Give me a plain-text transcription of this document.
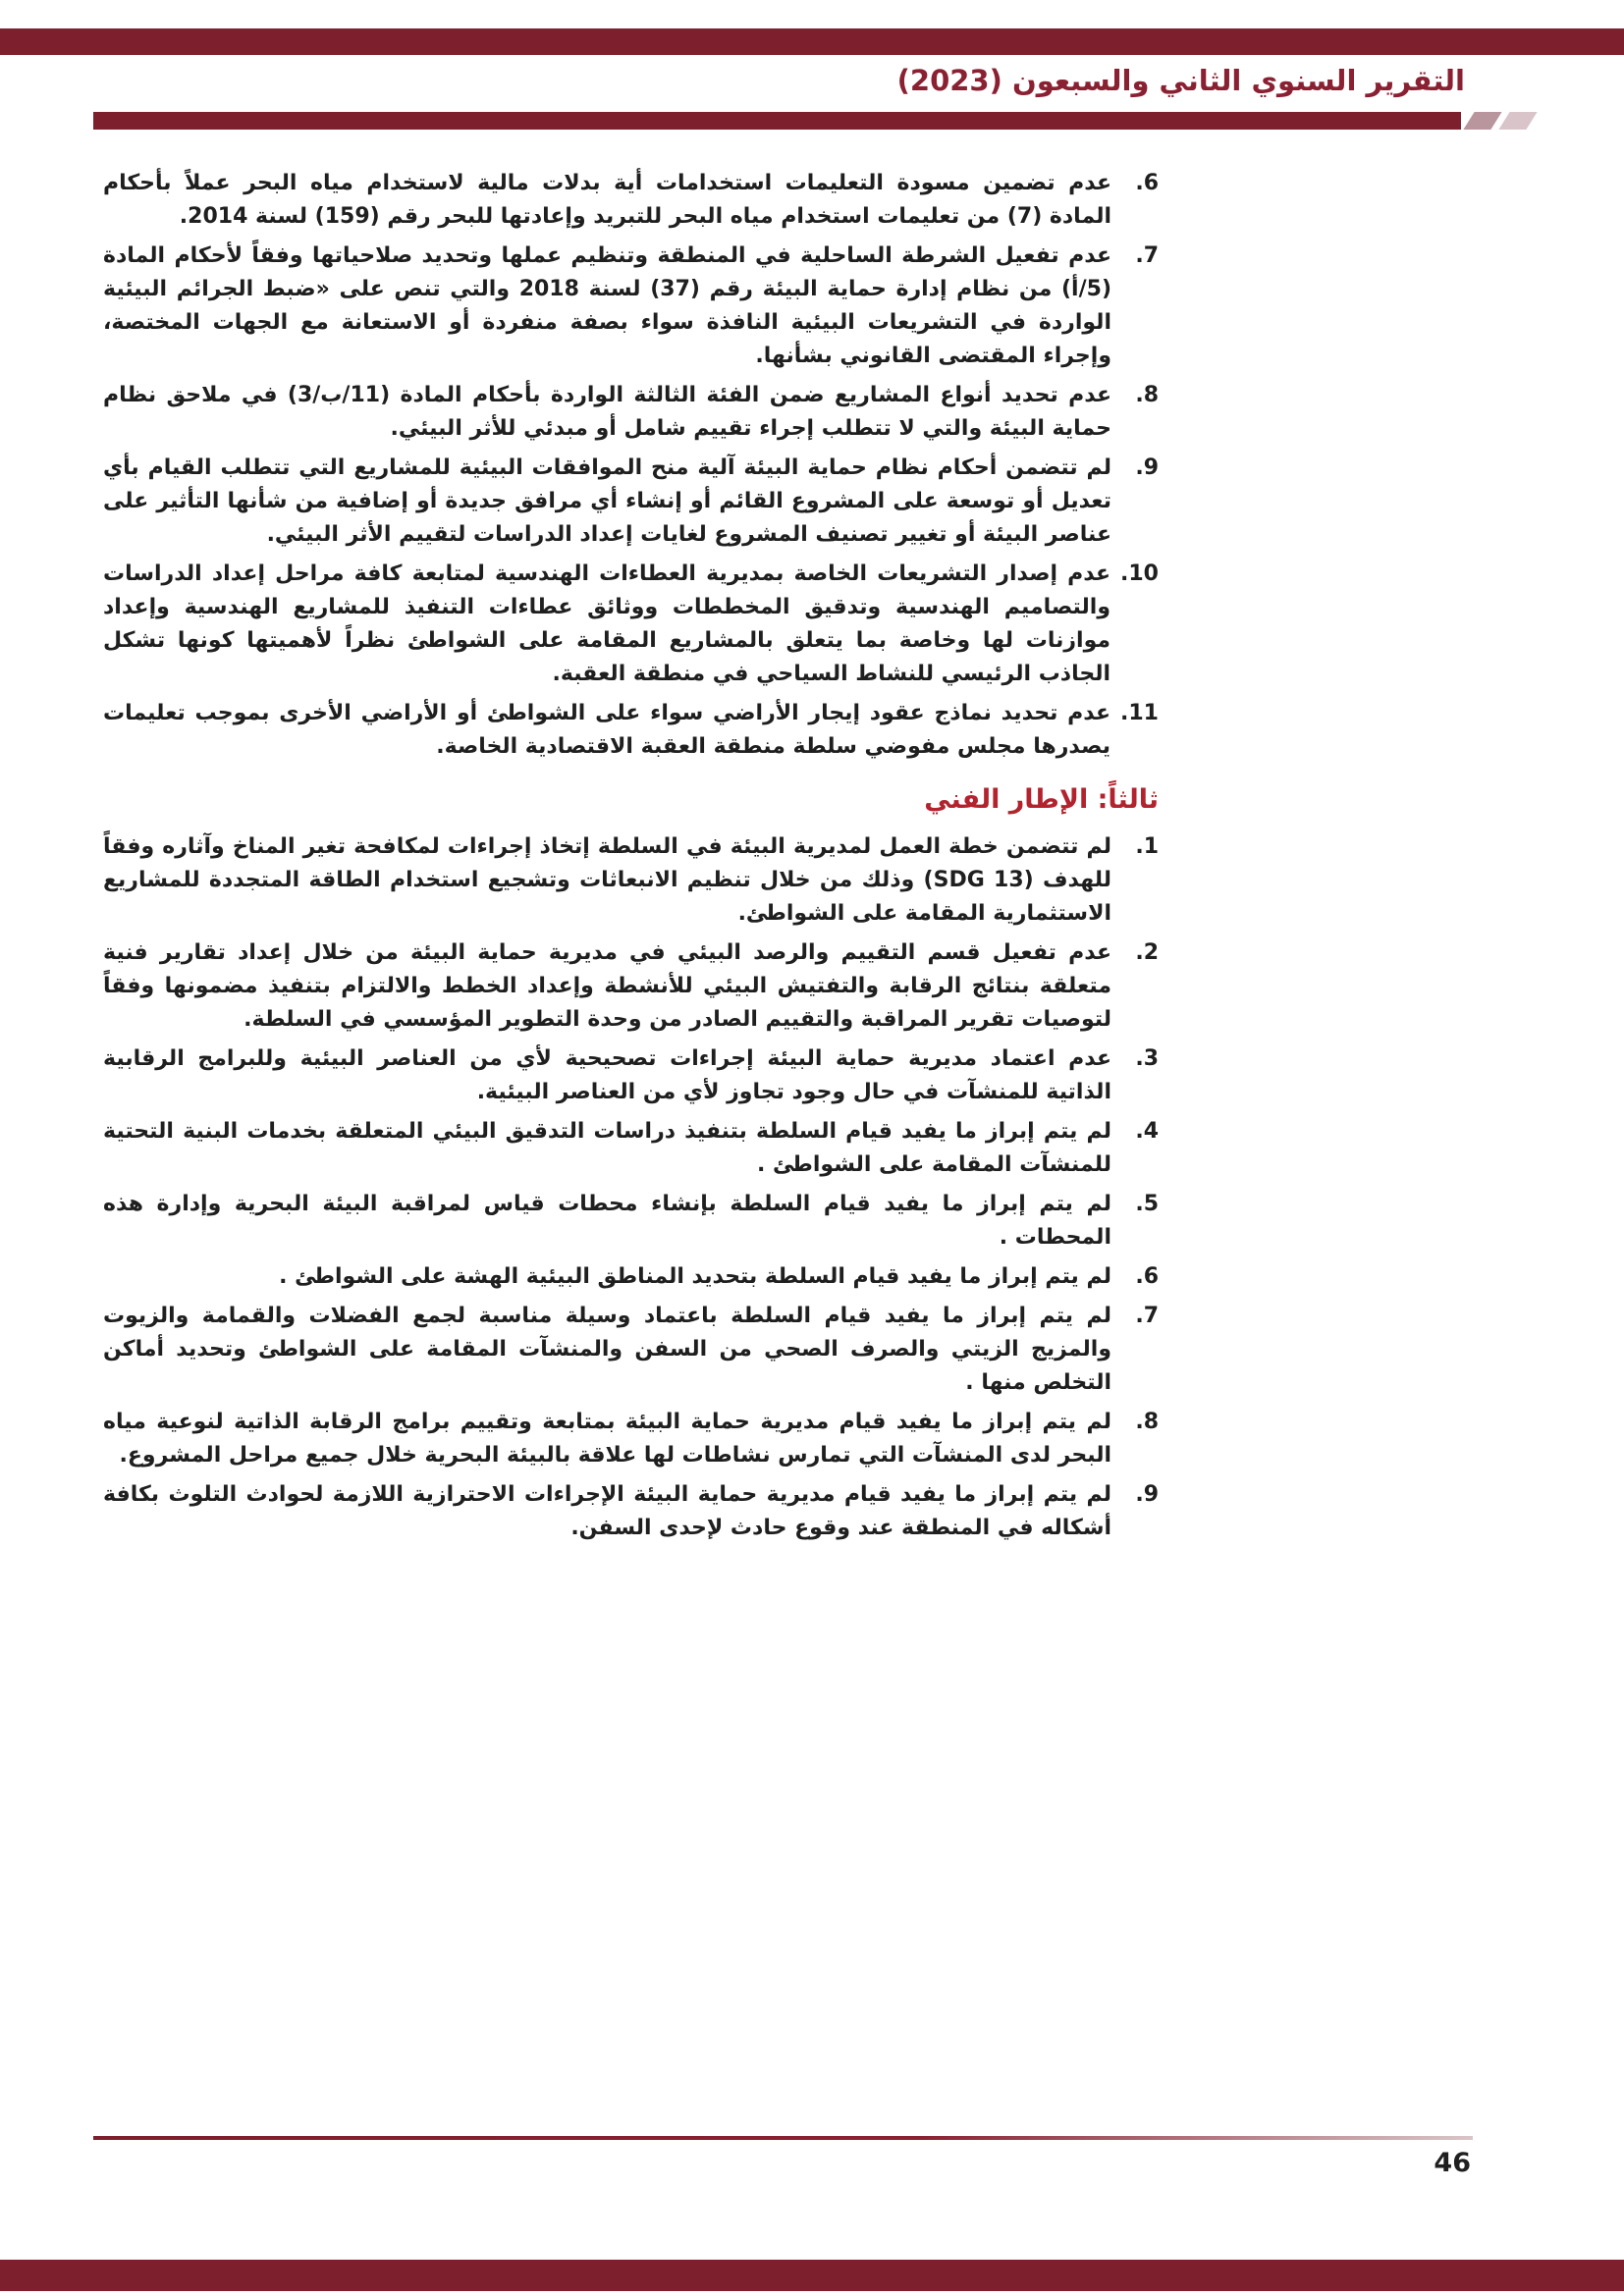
التقرير السنوي الثاني والسبعون (2023)
6.
عدم تضمين مسودة التعليمات استخدامات أية بدلات مالية لاستخدام مياه البحر عملاً بأحكام المادة (7) من تعليمات استخدام مياه البحر للتبريد وإعادتها للبحر رقم (159) لسنة 2014.
7.
عدم تفعيل الشرطة الساحلية في المنطقة وتنظيم عملها وتحديد صلاحياتها وفقاً لأحكام المادة (5/أ) من نظام إدارة حماية البيئة رقم (37) لسنة 2018 والتي تنص على «ضبط الجرائم البيئية الواردة في التشريعات البيئية النافذة سواء بصفة منفردة أو الاستعانة مع الجهات المختصة، وإجراء المقتضى القانوني بشأنها.
8.
عدم تحديد أنواع المشاريع ضمن الفئة الثالثة الواردة بأحكام المادة (11/ب/3) في ملاحق نظام حماية البيئة والتي لا تتطلب إجراء تقييم شامل أو مبدئي للأثر البيئي.
9.
لم تتضمن أحكام نظام حماية البيئة آلية منح الموافقات البيئية للمشاريع التي تتطلب القيام بأي تعديل أو توسعة على المشروع القائم أو إنشاء أي مرافق جديدة أو إضافية من شأنها التأثير على عناصر البيئة أو تغيير تصنيف المشروع لغايات إعداد الدراسات لتقييم الأثر البيئي.
10.
عدم إصدار التشريعات الخاصة بمديرية العطاءات الهندسية لمتابعة كافة مراحل إعداد الدراسات والتصاميم الهندسية وتدقيق المخططات ووثائق عطاءات التنفيذ للمشاريع الهندسية وإعداد موازنات لها وخاصة بما يتعلق بالمشاريع المقامة على الشواطئ نظراً لأهميتها كونها تشكل الجاذب الرئيسي للنشاط السياحي في منطقة العقبة.
11.
عدم تحديد نماذج عقود إيجار الأراضي سواء على الشواطئ أو الأراضي الأخرى بموجب تعليمات يصدرها مجلس مفوضي سلطة منطقة العقبة الاقتصادية الخاصة.
ثالثاً: الإطار الفني
1.
لم تتضمن خطة العمل لمديرية البيئة في السلطة إتخاذ إجراءات لمكافحة تغير المناخ وآثاره وفقاً للهدف (SDG 13) وذلك من خلال تنظيم الانبعاثات وتشجيع استخدام الطاقة المتجددة للمشاريع الاستثمارية المقامة على الشواطئ.
2.
عدم تفعيل قسم التقييم والرصد البيئي في مديرية حماية البيئة من خلال إعداد تقارير فنية متعلقة بنتائج الرقابة والتفتيش البيئي للأنشطة وإعداد الخطط والالتزام بتنفيذ مضمونها وفقاً لتوصيات تقرير المراقبة والتقييم الصادر من وحدة التطوير المؤسسي في السلطة.
3.
عدم اعتماد مديرية حماية البيئة إجراءات تصحيحية لأي من العناصر البيئية وللبرامج الرقابية الذاتية للمنشآت في حال وجود تجاوز لأي من العناصر البيئية.
4.
لم يتم إبراز ما يفيد قيام السلطة بتنفيذ دراسات التدقيق البيئي المتعلقة بخدمات البنية التحتية للمنشآت المقامة على الشواطئ .
5.
لم يتم إبراز ما يفيد قيام السلطة بإنشاء محطات قياس لمراقبة البيئة البحرية وإدارة هذه المحطات .
6.
لم يتم إبراز ما يفيد قيام السلطة بتحديد المناطق البيئية الهشة على الشواطئ .
7.
لم يتم إبراز ما يفيد قيام السلطة باعتماد وسيلة مناسبة لجمع الفضلات والقمامة والزيوت والمزيج الزيتي والصرف الصحي من السفن والمنشآت المقامة على الشواطئ وتحديد أماكن التخلص منها .
8.
لم يتم إبراز ما يفيد قيام مديرية حماية البيئة بمتابعة وتقييم برامج الرقابة الذاتية لنوعية مياه البحر لدى المنشآت التي تمارس نشاطات لها علاقة بالبيئة البحرية خلال جميع مراحل المشروع.
9.
لم يتم إبراز ما يفيد قيام مديرية حماية البيئة الإجراءات الاحترازية اللازمة لحوادث التلوث بكافة أشكاله في المنطقة عند وقوع حادث لإحدى السفن.
46
